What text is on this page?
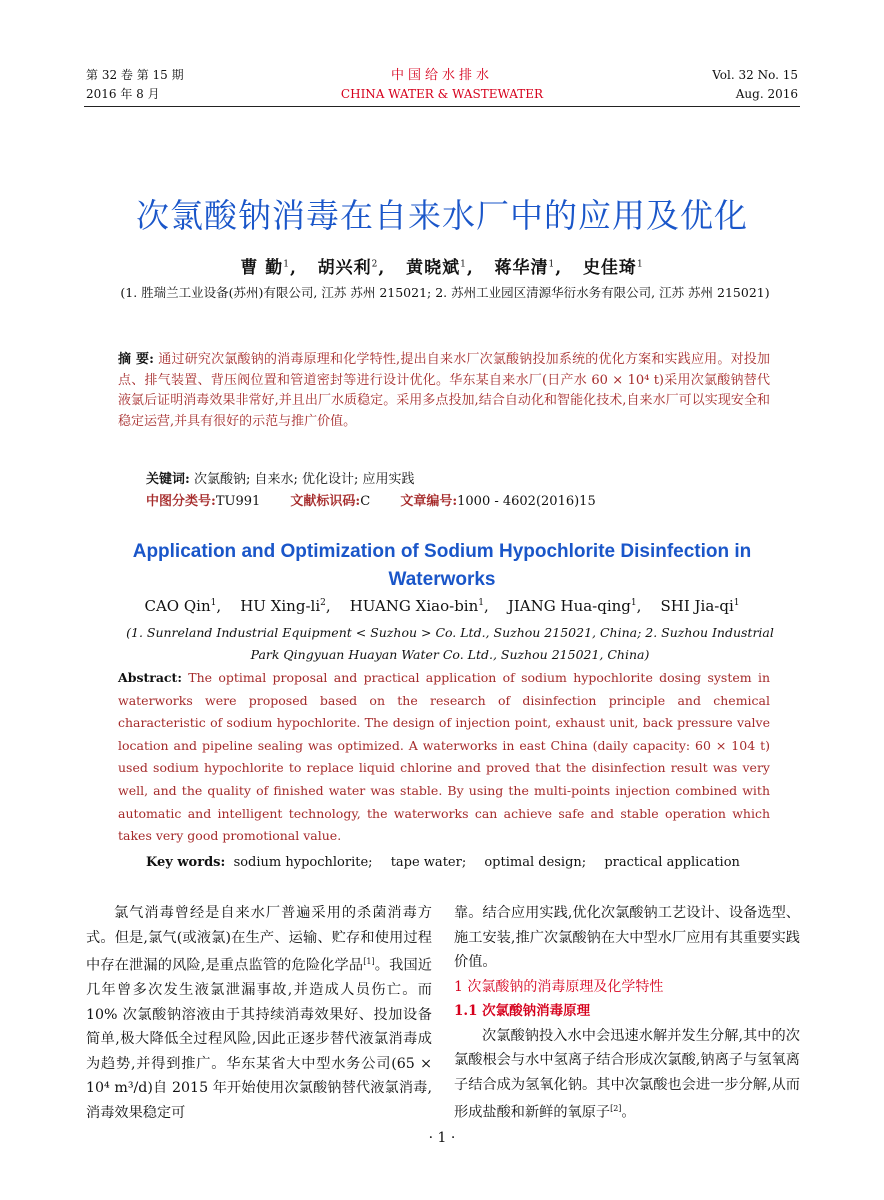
第 32 卷 第 15 期
2016 年 8 月
中国给水排水
CHINA WATER & WASTEWATER
Vol. 32 No. 15
Aug. 2016
次氯酸钠消毒在自来水厂中的应用及优化
曹 勤$^1$,   胡兴利$^2$,   黄晓斌$^1$,   蒋华清$^1$,   史佳琦$^1$
(1. 胜瑞兰工业设备(苏州)有限公司, 江苏 苏州 215021; 2. 苏州工业园区清源华衍水务有限公司, 江苏 苏州 215021)
摘 要: 通过研究次氯酸钠的消毒原理和化学特性,提出自来水厂次氯酸钠投加系统的优化方案和实践应用。对投加点、排气装置、背压阀位置和管道密封等进行设计优化。华东某自来水厂(日产水 60 × 10⁴ t)采用次氯酸钠替代液氯后证明消毒效果非常好,并且出厂水质稳定。采用多点投加,结合自动化和智能化技术,自来水厂可以实现安全和稳定运营,并具有很好的示范与推广价值。
关键词: 次氯酸钠; 自来水; 优化设计; 应用实践
中图分类号:TU991 文献标识码:C 文章编号:1000 - 4602(2016)15
Application and Optimization of Sodium Hypochlorite Disinfection in Waterworks
CAO Qin$^1$,    HU Xing-$li^2$,    HUANG Xiao-bin$^1$,    JIANG Hua-qing$^1$,    SHI Jia-$qi^1$
(1. Sunreland Industrial Equipment < Suzhou > Co. Ltd., Suzhou 215021, China; 2. Suzhou Industrial Park Qingyuan Huayan Water Co. Ltd., Suzhou 215021, China)
Abstract: The optimal proposal and practical application of sodium hypochlorite dosing system in waterworks were proposed based on the research of disinfection principle and chemical characteristic of sodium hypochlorite. The design of injection point, exhaust unit, back pressure valve location and pipeline sealing was optimized. A waterworks in east China (daily capacity: 60 × 104 t) used sodium hypochlorite to replace liquid chlorine and proved that the disinfection result was very well, and the quality of finished water was stable. By using the multi-points injection combined with automatic and intelligent technology, the waterworks can achieve safe and stable operation which takes very good promotional value.
Key words: sodium hypochlorite; tape water; optimal design; practical application

氯气消毒曾经是自来水厂普遍采用的杀菌消毒方式。但是,氯气(或液氯)在生产、运输、贮存和使用过程中存在泄漏的风险,是重点监管的危险化学品[1]。我国近几年曾多次发生液氯泄漏事故,并造成人员伤亡。而 10% 次氯酸钠溶液由于其持续消毒效果好、投加设备简单,极大降低全过程风险,因此正逐步替代液氯消毒成为趋势,并得到推广。华东某省大中型水务公司(65 × 10⁴ m³/d)自 2015 年开始使用次氯酸钠替代液氯消毒,消毒效果稳定可

靠。结合应用实践,优化次氯酸钠工艺设计、设备选型、施工安装,推广次氯酸钠在大中型水厂应用有其重要实践价值。

1 次氯酸钠的消毒原理及化学特性

1.1 次氯酸钠消毒原理

次氯酸钠投入水中会迅速水解并发生分解,其中的次氯酸根会与水中氢离子结合形成次氯酸,钠离子与氢氧离子结合成为氢氧化钠。其中次氯酸也会进一步分解,从而形成盐酸和新鲜的氧原子[2]。

· 1 ·
